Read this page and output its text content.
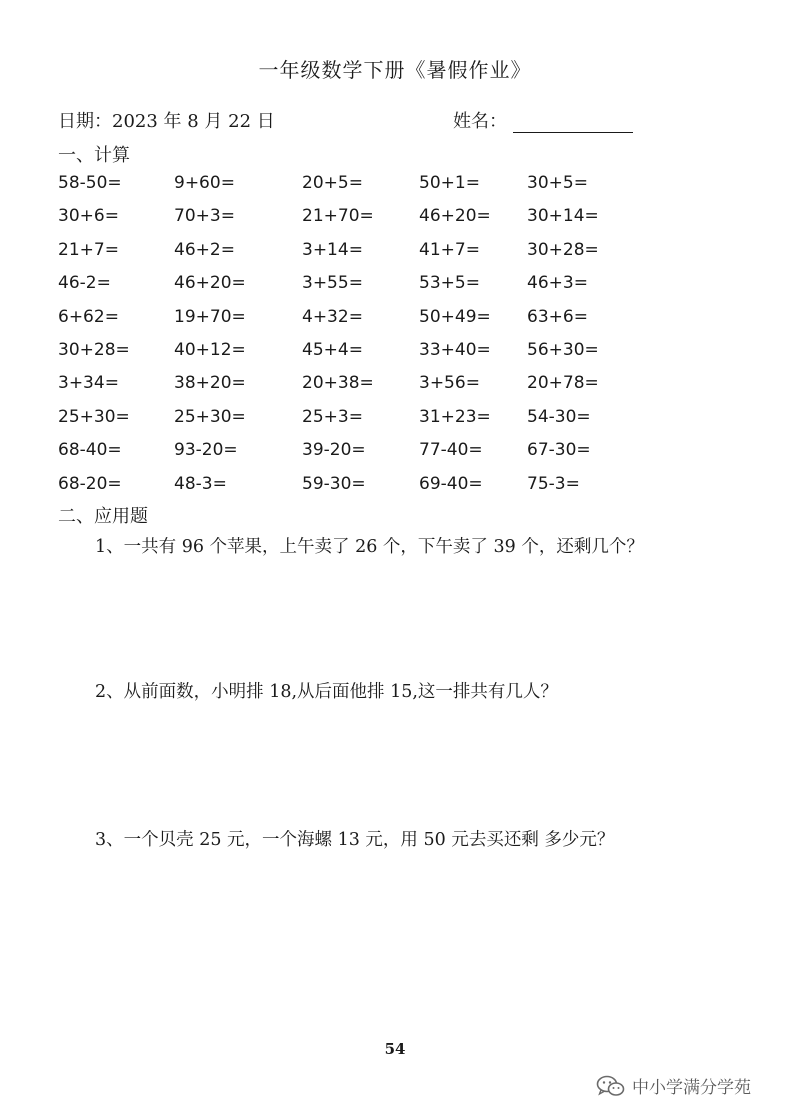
一年级数学下册《暑假作业》
日期：2023 年 8 月 22 日	姓名：
一、计算
58-50=	9+60=	20+5=	50+1=	30+5=
30+6=	70+3=	21+70=	46+20= 30+14=
21+7=	46+2=	3+14=	41+7=	30+28=
46-2=	46+20=	3+55=	53+5=	46+3=
6+62=	19+70=	4+32=	50+49= 63+6=
30+28=	40+12=	45+4=	33+40= 56+30=
3+34=	38+20=	20+38=	3+56=	20+78=
25+30=	25+30=	25+3=	31+23= 54-30=
68-40=	93-20=	39-20=	77-40=	67-30=
68-20=	48-3=	59-30=	69-40=	75-3=
二、应用题
1、一共有 96 个苹果，上午卖了 26 个，下午卖了 39 个，还剩几个？
2、从前面数，小明排 18,从后面他排 15,这一排共有几人？
3、一个贝壳 25 元，一个海螺 13 元，用 50 元去买还剩 多少元？
54
中小学满分学苑
